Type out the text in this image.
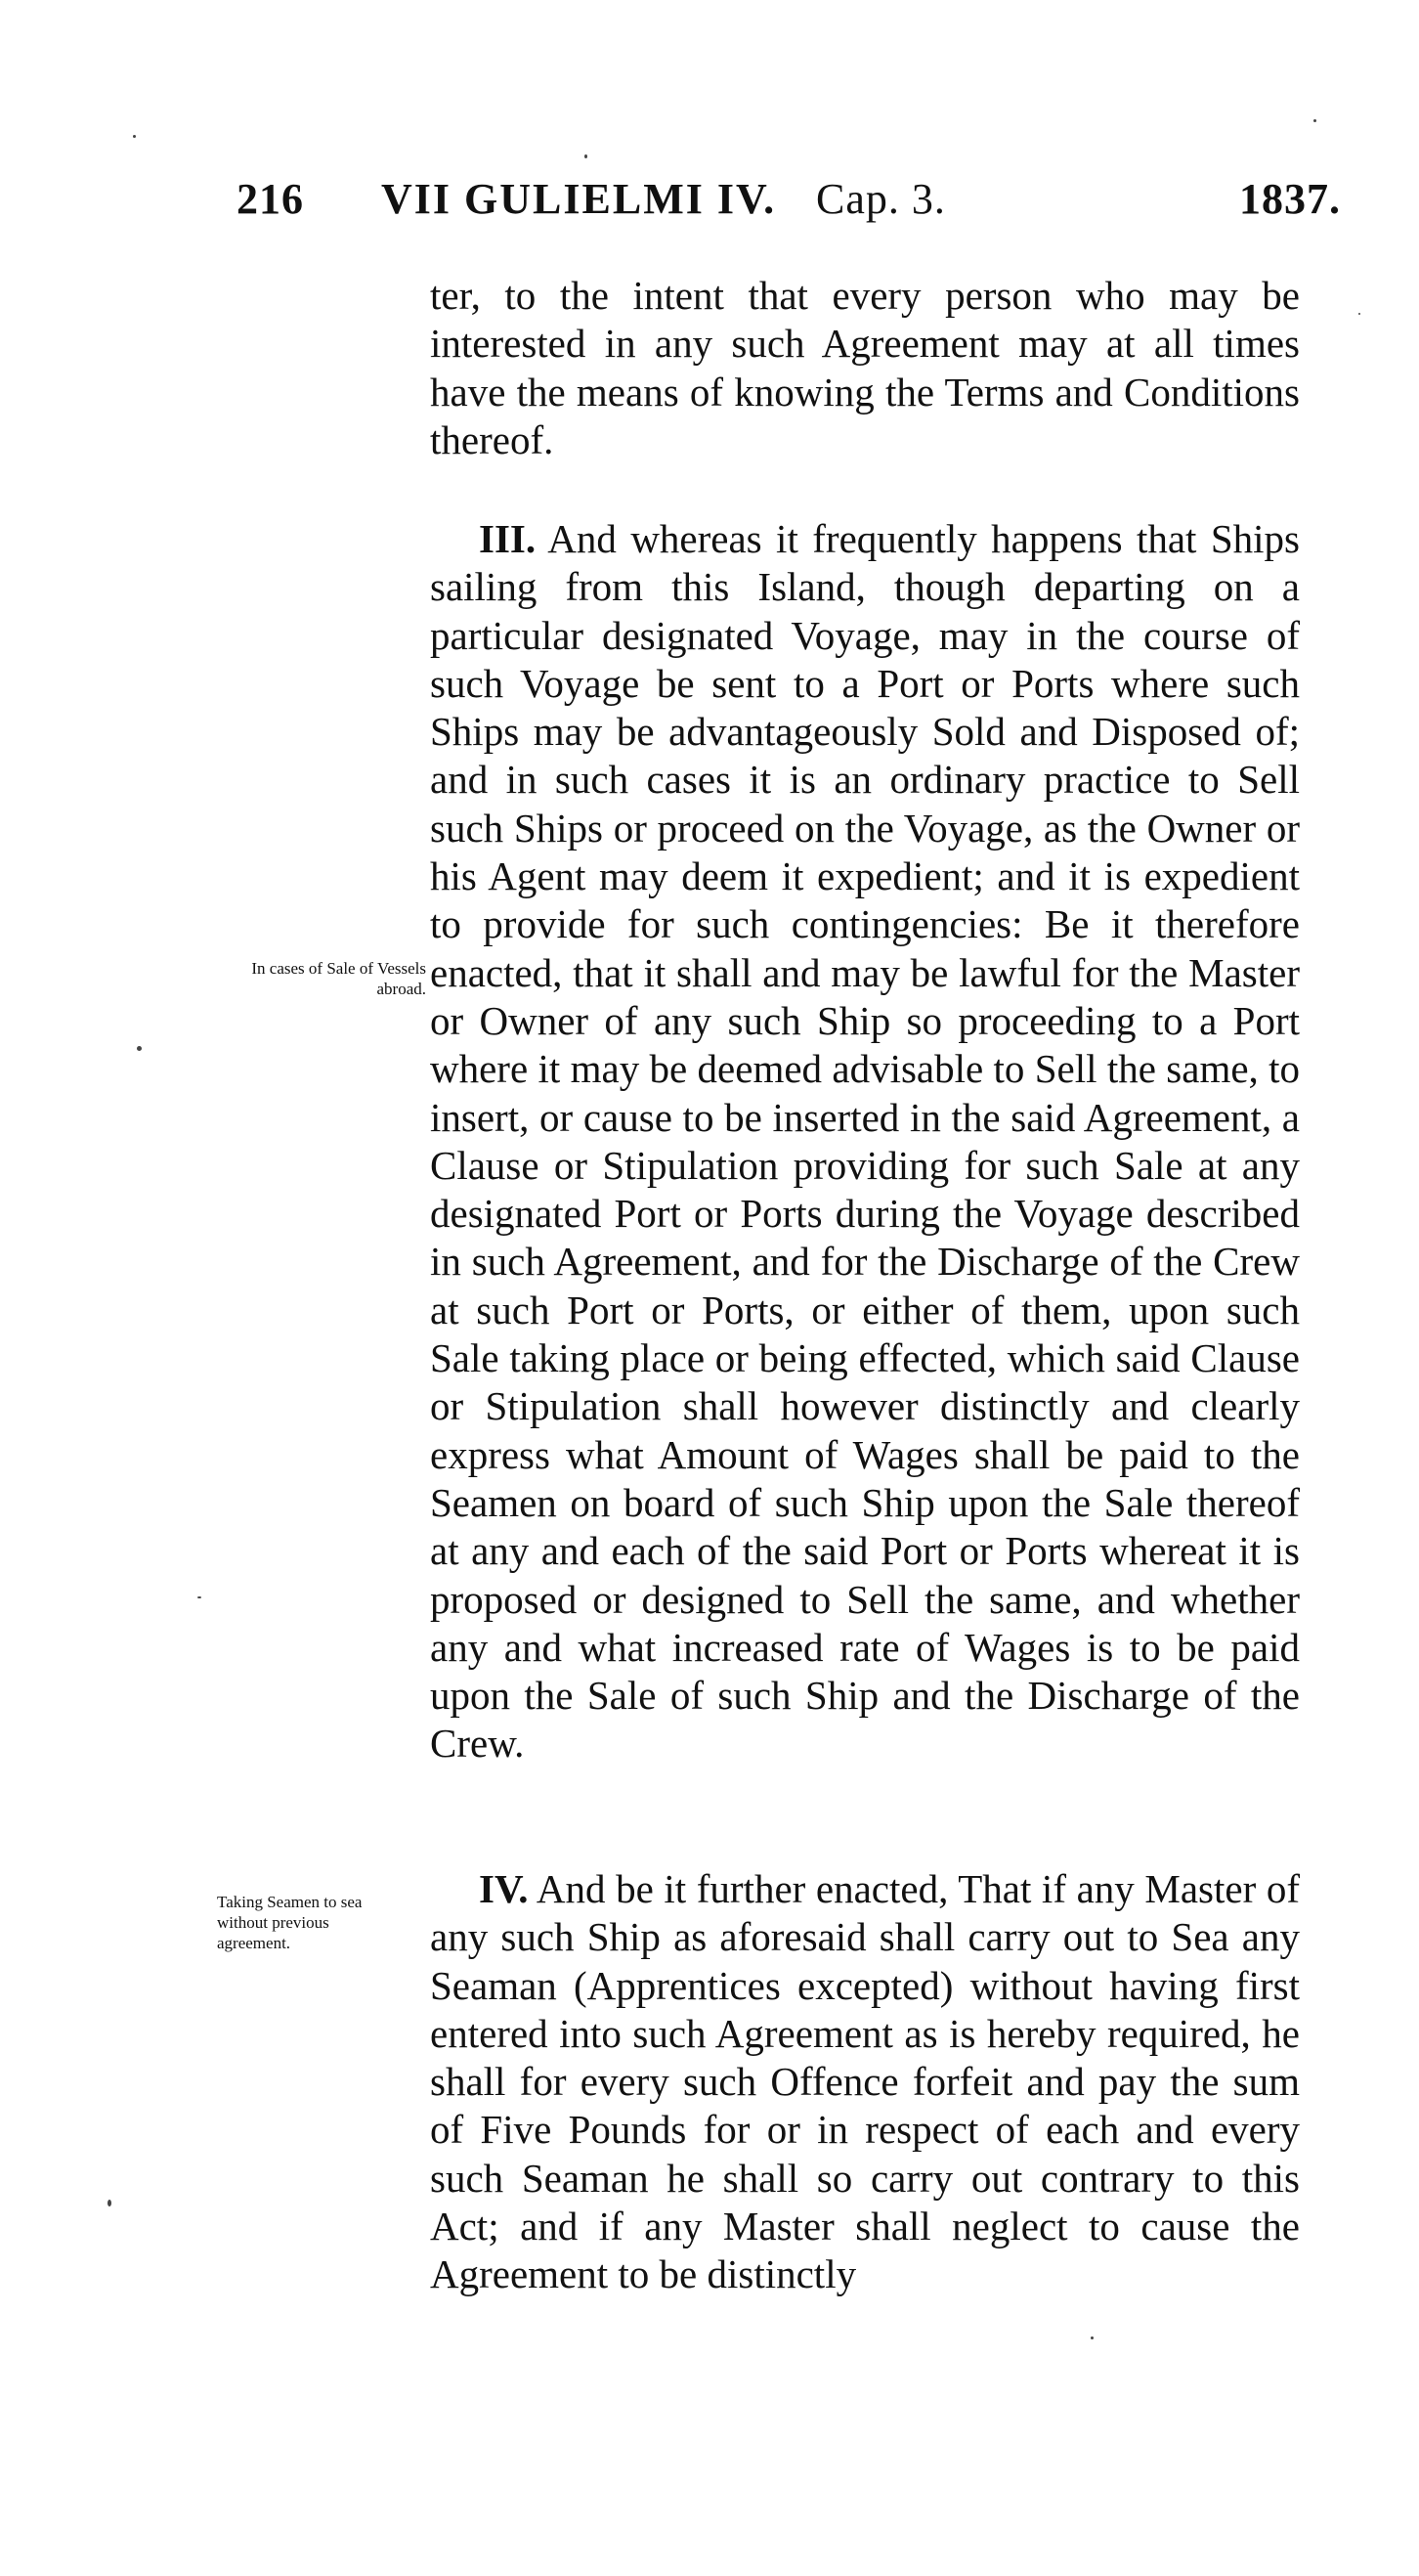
216 VII GULIELMI IV. Cap. 3.	1837.

ter, to the intent that every person who may be interested in any such Agreement may at all times have the means of knowing the Terms and Conditions thereof.

III. And whereas it frequently happens that Ships sailing from this Island, though departing on a particular designated Voyage, may in the course of such Voyage be sent to a Port or Ports where such Ships may be advantageously Sold and Disposed of; and in such cases it is an ordinary practice to Sell such Ships or proceed on the Voyage, as the Owner or his Agent may deem it expedient; and it is expedient to provide for such contingencies: Be it therefore enacted, that it shall and may be lawful for the Master or Owner of any such Ship so proceeding to a Port where it may be deemed advisable to Sell the same, to insert, or cause to be inserted in the said Agreement, a Clause or Stipulation providing for such Sale at any designated Port or Ports during the Voyage described in such Agreement, and for the Discharge of the Crew at such Port or Ports, or either of them, upon such Sale taking place or being effected, which said Clause or Stipulation shall however distinctly and clearly express what Amount of Wages shall be paid to the Seamen on board of such Ship upon the Sale thereof at any and each of the said Port or Ports whereat it is proposed or designed to Sell the same, and whether any and what increased rate of Wages is to be paid upon the Sale of such Ship and the Discharge of the Crew.

In cases of Sale of Vessels abroad.

IV. And be it further enacted, That if any Master of any such Ship as aforesaid shall carry out to Sea any Seaman (Apprentices excepted) without having first entered into such Agreement as is hereby required, he shall for every such Offence forfeit and pay the sum of Five Pounds for or in respect of each and every such Seaman he shall so carry out contrary to this Act; and if any Master shall neglect to cause the Agreement to be distinctly

Taking Seamen to sea without previous agreement.
